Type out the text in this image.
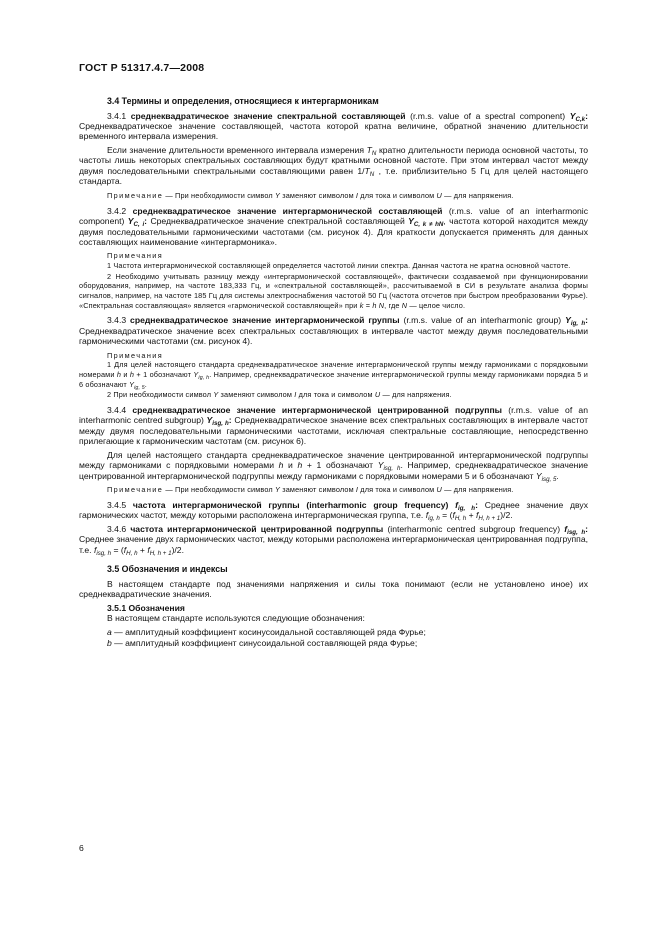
ГОСТ Р 51317.4.7—2008
3.4 Термины и определения, относящиеся к интергармоникам

3.4.1 среднеквадратическое значение спектральной составляющей (r.m.s. value of a spectral component) $Y_{C,k}$: Среднеквадратическое значение составляющей, частота которой кратна величине, обратной значению длительности временного интервала измерения.

Если значение длительности временного интервала измерения $T_N$ кратно длительности периода основной частоты, то частоты лишь некоторых спектральных составляющих будут кратными основной частоте. При этом интервал частот между двумя последовательными спектральными составляющими равен $1/T_N$ , т.е. приблизительно 5 Гц для целей настоящего стандарта.

Примечание — При необходимости символ Y заменяют символом I для тока и символом U — для напряжения.

3.4.2 среднеквадратическое значение интергармонической составляющей (r.m.s. value of an interharmonic component) $Y_{C, i}$: Среднеквадратическое значение спектральной составляющей $Y_{C, k \ne hN}$, частота которой находится между двумя последовательными гармоническими частотами (см. рисунок 4). Для краткости допускается применять для данных составляющих наименование «интергармоника».

Примечания
1 Частота интергармонической составляющей определяется частотой линии спектра. Данная частота не кратна основной частоте.
2 Необходимо учитывать разницу между «интергармонической составляющей», фактически создаваемой при функционировании оборудования, например, на частоте 183,333 Гц, и «спектральной составляющей», рассчитываемой в СИ в результате анализа формы сигналов, например, на частоте 185 Гц для системы электроснабжения частотой 50 Гц (частота отсчетов при быстром преобразовании Фурье). «Спектральная составляющая» является «гармонической составляющей» при k = h N, где N — целое число.

3.4.3 среднеквадратическое значение интергармонической группы (r.m.s. value of an interharmonic group) $Y_{ig, h}$: Среднеквадратическое значение всех спектральных составляющих в интервале частот между двумя последовательными гармоническими частотами (см. рисунок 4).

Примечания
1 Для целей настоящего стандарта среднеквадратическое значение интергармонической группы между гармониками с порядковыми номерами h и h + 1 обозначают $Y_{ig, h}$. Например, среднеквадратическое значение интергармонической группы между гармониками порядка 5 и 6 обозначают $Y_{ig, 5}$.
2 При необходимости символ Y заменяют символом I для тока и символом U — для напряжения.

3.4.4 среднеквадратическое значение интергармонической центрированной подгруппы (r.m.s. value of an interharmonic centred subgroup) $Y_{isg, h}$: Среднеквадратическое значение всех спектральных составляющих в интервале частот между двумя последовательными гармоническими частотами, исключая спектральные составляющие, непосредственно прилегающие к гармоническим частотам (см. рисунок 6).

Для целей настоящего стандарта среднеквадратическое значение центрированной интергармонической подгруппы между гармониками с порядковыми номерами h и h + 1 обозначают $Y_{isg, h}$. Например, среднеквадратическое значение центрированной интергармонической подгруппы между гармониками с порядковыми номерами 5 и 6 обозначают $Y_{isg, 5}$.

Примечание — При необходимости символ Y заменяют символом I для тока и символом U — для напряжения.

3.4.5 частота интергармонической группы (interharmonic group frequency) $f_{ig, h}$: Среднее значение двух гармонических частот, между которыми расположена интергармоническая группа, т.е. $f_{ig, h} = (f_{H, h} + f_{H, h + 1})/2$.

3.4.6 частота интергармонической центрированной подгруппы (interharmonic centred subgroup frequency) $f_{isg, h}$: Среднее значение двух гармонических частот, между которыми расположена интергармоническая центрированная подгруппа, т.е. $f_{isg, h} = (f_{H, h} + f_{H, h + 1})/2$.

3.5 Обозначения и индексы

В настоящем стандарте под значениями напряжения и силы тока понимают (если не установлено иное) их среднеквадратические значения.

3.5.1 Обозначения

В настоящем стандарте используются следующие обозначения:

a — амплитудный коэффициент косинусоидальной составляющей ряда Фурье;
b — амплитудный коэффициент синусоидальной составляющей ряда Фурье;
6
